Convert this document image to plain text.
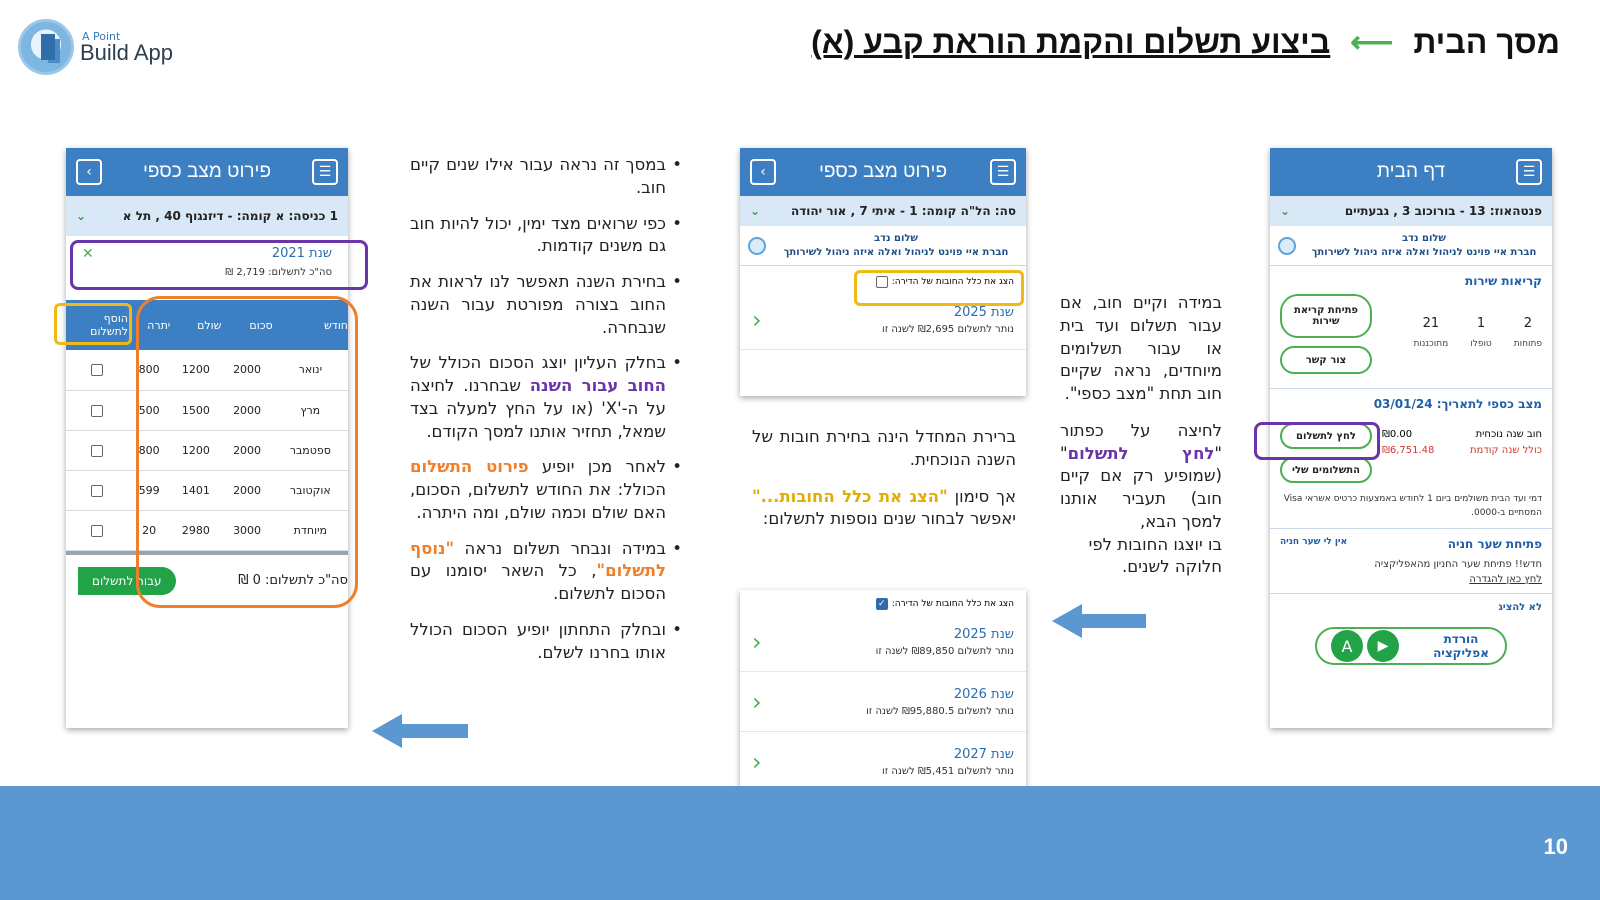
A Point
Build App	מסך הבית
⟵
ביצוע תשלום והקמת הוראת קבע (א)
☰
דף הבית
פנטהאוז: 13 - בורוכוב 3 , גבעתיים
⌄
שלום נדב
חברת איי פוינט לניהול ואלה איזה ניהול לשירותך
קריאות שירות
2
פתוחות
1
טופלו
21
מתוכננות
פתיחת קריאת שירות
צור קשר
מצב כספי לתאריך: 03/01/24
חוב שנה נוכחית
₪0.00
כולל שנה קודמת
₪6,751.48
לחץ לתשלום
התשלומים שלי
דמי ועד הבית משולמים ביום 1 לחודש באמצעות כרטיס אשראי Visa המסתיים ב-0000.
פתיחת שער חניה
אין לי שער חניה
חדש!! פתיחת שער החניון מהאפליקציה
לחץ כאן להגדרה
לא להציג
הורדת אפליקציה
A	▶

במידה וקיים חוב, אם עבור תשלום ועד בית או עבור תשלומים מיוחדים, נראה שקיים חוב תחת "מצב כספי".

לחיצה על כפתור "לחץ לתשלום" (שמופיע רק אם קיים חוב) תעביר אותנו למסך הבא,

בו יוצגו החובות לפי חלוקה לשנים.

☰
פירוט מצב כספי
›
סה: הל"ה קומה: 1 - איתי 7 , אור יהודה
⌄
שלום נדב
חברת איי פוינט לניהול ואלה איזה ניהול לשירותך
הצג את כלל החובות של הדירה:
שנת 2025
נותר לתשלום ₪2,695 לשנה זו
‹

ברירת המחדל הינה בחירת חובות של השנה הנוכחית.

אך סימון "הצג את כלל החובות..." יאפשר לבחור שנים נוספות לתשלום:

הצג את כלל החובות של הדירה:
✓
שנת 2025
נותר לתשלום ₪89,850 לשנה זו
‹
שנת 2026
נותר לתשלום ₪95,880.5 לשנה זו
‹
שנת 2027
נותר לתשלום ₪5,451 לשנה זו
‹
• במסך זה נראה עבור אילו שנים קיים חוב.
• כפי שרואים מצד ימין, יכול להיות חוב גם משנים קודמות.
• בחירת השנה תאפשר לנו לראות את החוב בצורה מפורטת עבור השנה שנבחרה.
• בחלק העליון יוצג הסכום הכולל של החוב עבור השנה שבחרנו. לחיצה על ה-'X' (או על החץ למעלה בצד שמאל, תחזיר אותנו למסך הקודם.
• לאחר מכן יופיע פירוט התשלום הכולל: את החודש לתשלום, הסכום, האם שולם וכמה שולם, ומה היתרה.
• במידה ונבחר תשלום נראה "נוסף לתשלום", כל השאר יסומנו עם הסכום לתשלום.
• ובחלק התחתון יופיע הסכום הכולל אותו בחרנו לשלם.
☰
פירוט מצב כספי
›
1 כניסה: א קומה: - דיזנגוף 40 , תל א
⌄
שנת 2021
סה"כ לתשלום: 2,719 ₪
✕
חודש	סכום	שולם	יתרה	הוסף לתשלום
ינואר	2000	1200	800	
מרץ	2000	1500	500	
ספטמבר	2000	1200	800	
אוקטובר	2000	1401	599	
מיוחדת	3000	2980	20	
סה"כ לתשלום: 0 ₪
עבור לתשלום
10
